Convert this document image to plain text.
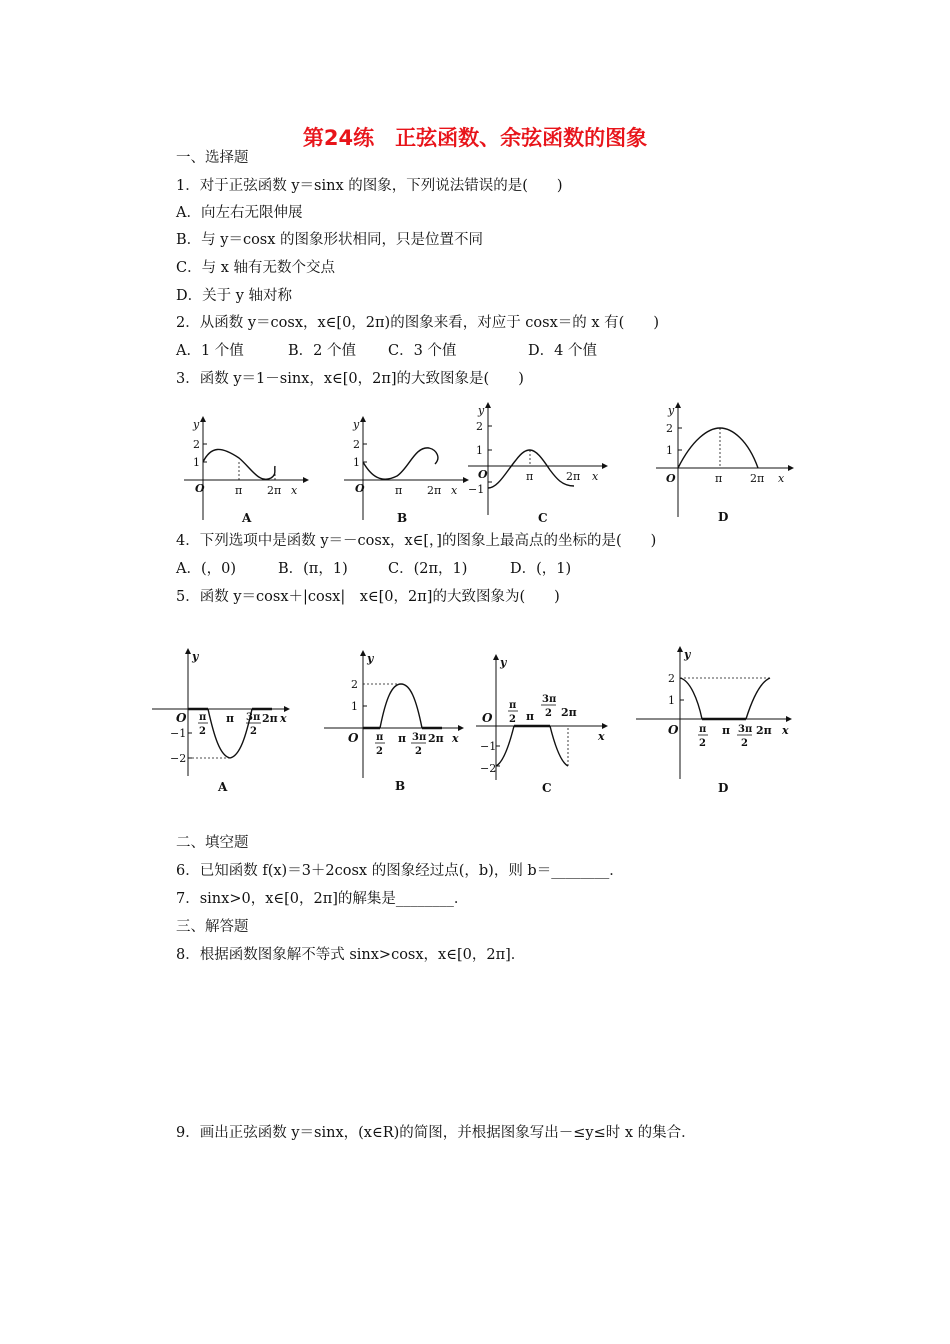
第24练　正弦函数、余弦函数的图象
一、选择题
1．对于正弦函数 y＝sinx 的图象，下列说法错误的是(　　)
A．向左右无限伸展
B．与 y＝cosx 的图象形状相同，只是位置不同
C．与 x 轴有无数个交点
D．关于 y 轴对称
2．从函数 y＝cosx，x∈[0，2π)的图象来看，对应于 cosx＝的 x 有(　　)
A．1 个值	B．2 个值 C．3 个值	D．4 个值
3．函数 y＝1－sinx，x∈[0，2π]的大致图象是(　　)
2
1
y
O	π 2π x
A
2
1
y
O	π 2π x
B
2
1
−1
y
O	π	2π x
C
2
1
y
O	π	2π x
D
4．下列选项中是函数 y＝－cosx，x∈[，]的图象上最高点的坐标的是(　　)
A．(，0)	B．(π，1)	C．(2π，1)	D．(，1)
5．函数 y＝cosx＋|cosx|　x∈[0，2π]的大致图象为(　　)
y
O
−1
−2
π
2
π 3π
2
2π x
A
y
2
1
O π
2
π 3π
2
2π x
B
y
−1
−2
O
π
2 π
3π
2 2π
x
C
y
2
1
O π
2
π 3π
2
2π x
D
二、填空题
6．已知函数 f(x)＝3＋2cosx 的图象经过点(，b)，则 b＝________．
7．sinx>0，x∈[0，2π]的解集是________．
三、解答题
8．根据函数图象解不等式 sinx>cosx，x∈[0，2π]．
9．画出正弦函数 y＝sinx，(x∈R)的简图，并根据图象写出－≤y≤时 x 的集合．
